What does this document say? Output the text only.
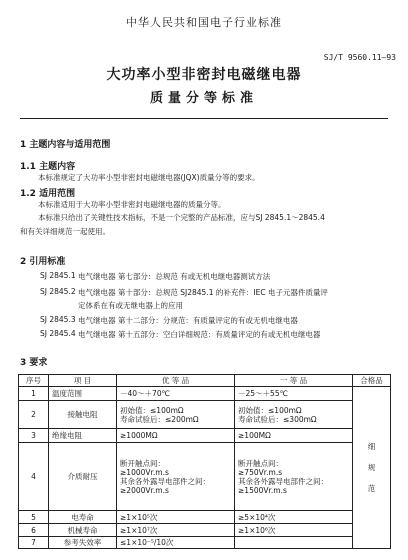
中华人民共和国电子行业标准
SJ/T 9560.11—93
大功率小型非密封电磁继电器
质量分等标准
1 主题内容与适用范围
1.1 主题内容
本标准规定了大功率小型非密封电磁继电器(JQX)质量分等的要求。
1.2 适用范围
本标准适用于大功率小型非密封电磁继电器的质量分等。
本标准只给出了关键性技术指标，不是一个完整的产品标准，应与SJ 2845.1～2845.4
和有关详细规范一起使用。
2 引用标准
SJ 2845.1 电气继电器 第七部分：总规范 有或无机电继电器测试方法
SJ 2845.2 电气继电器 第十部分：总规范 SJ2845.1 的补充件：IEC 电子元器件质量评
定体系在有或无继电器上的应用
SJ 2845.3 电气继电器 第十二部分：分规范：有质量评定的有或无机电继电器
SJ 2845.4 电气继电器 第十五部分：空白详细规范：有质量评定的有或无机电继电器
3 要求
序号	项 目	优 等 品	一 等 品	合格品
1	温度范围	－40～＋70℃	－25～＋55℃	细
规
范

2	接触电阻	初始值：≤100mΩ
寿命试验后：≤200mΩ	初始值：≤100mΩ
寿命试验后：≤300mΩ	
3	绝缘电阻	≥1000MΩ	≥100MΩ	
4	介质耐压	断开触点间：
≥1000Vr.m.s
其余各外露导电部件之间：
≥2000Vr.m.s	断开触点间：
≥750Vr.m.s
其余各外露导电部件之间：
≥1500Vr.m.s	
5	电寿命	≥1×10⁵次	≥5×10⁴次	
6	机械寿命	≥1×10⁷次	≥1×10⁶次	
7	参考失效率	≤1×10⁻⁵/10次		
